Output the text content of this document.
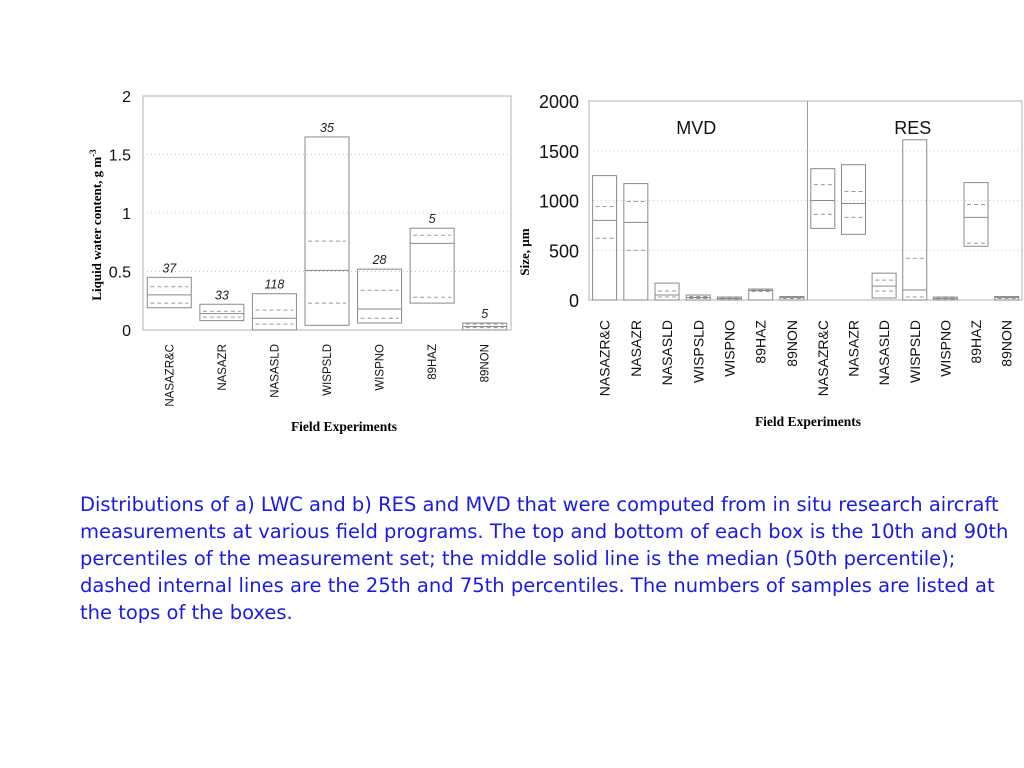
0
0.5
1
1.5
2
37
33
118
35
28
5
5
NASAZR&C	NASAZR	NASASLD	WISPSLD	WISPNO	89HAZ	89NON
Liquid water content, g $m^{-3}$
Field Experiments
0
500
1000
1500
2000
MVD	RES
NASAZR&C NASAZR NASASLD WISPSLD WISPNO 89HAZ 89NON NASAZR&C NASAZR NASASLD WISPSLD WISPNO 89HAZ 89NON
Size, µm
Field Experiments

Distributions of a) LWC and b) RES and MVD that were computed from in situ research aircraft measurements at various field programs. The top and bottom of each box is the 10th and 90th percentiles of the measurement set; the middle solid line is the median (50th percentile); dashed internal lines are the 25th and 75th percentiles. The numbers of samples are listed at the tops of the boxes.
